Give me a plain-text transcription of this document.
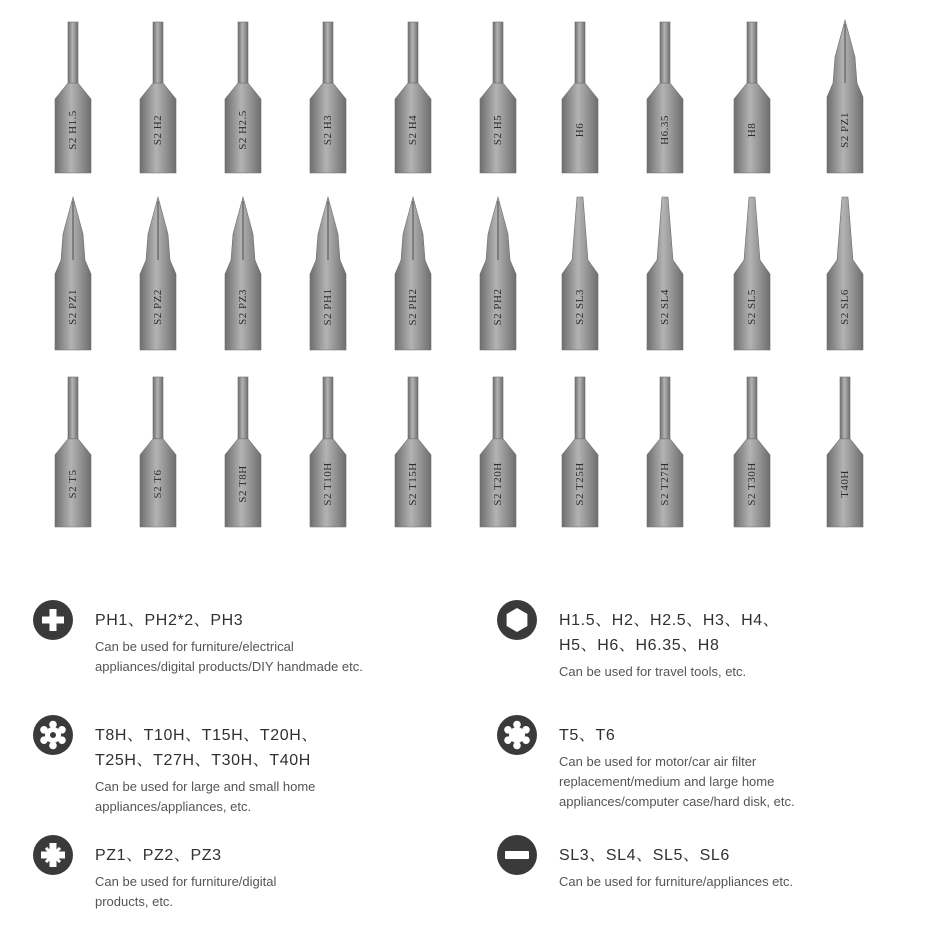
S2 H1.5	S2 H2	S2 H2.5	S2 H3	S2 H4	S2 H5	H6	H6.35	H8	S2 PZ1
S2 PZ1	S2 PZ2	S2 PZ3	S2 PH1	S2 PH2	S2 PH2	S2 SL3	S2 SL4	S2 SL5	S2 SL6
S2 T5	S2 T6	S2 T8H	S2 T10H	S2 T15H	S2 T20H	S2 T25H	S2 T27H	S2 T30H	T40H
PH1、PH2*2、PH3
Can be used for furniture/electrical
appliances/digital products/DIY handmade etc.
H1.5、H2、H2.5、H3、H4、
H5、H6、H6.35、H8
Can be used for travel tools, etc.
T8H、T10H、T15H、T20H、
T25H、T27H、T30H、T40H
Can be used for large and small home
appliances/appliances, etc.
T5、T6
Can be used for motor/car air filter
replacement/medium and large home
appliances/computer case/hard disk, etc.
PZ1、PZ2、PZ3
Can be used for furniture/digital
products, etc.
SL3、SL4、SL5、SL6
Can be used for furniture/appliances etc.
